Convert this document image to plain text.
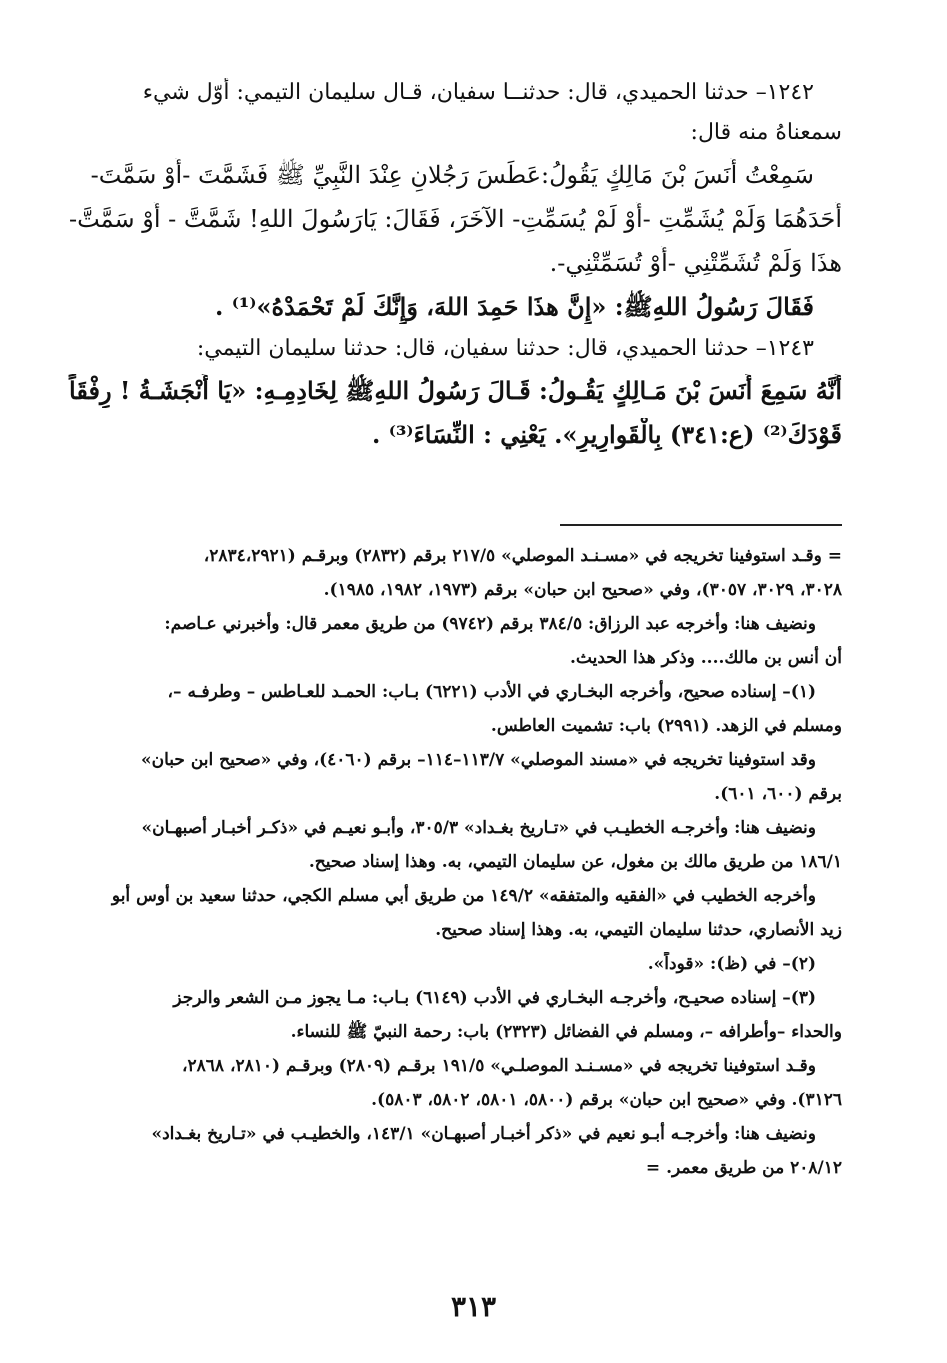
١٢٤٢– حدثنا الحميدي، قال: حدثنــا سفيان، قـال سليمان التيمي: أوّل شيء

سمعناهُ منه قال:

سَمِعْتُ أَنَسَ بْنَ مَالِكٍ يَقُولُ:عَطَسَ رَجُلانِ عِنْدَ النَّبِيِّ ﷺ فَشَمَّتَ -أَوْ سَمَّتَ-

أَحَدَهُمَا وَلَمْ يُشَمِّتِ -أَوْ لَمْ يُسَمِّتِ- الآخَرَ، فَقَالَ: يَارَسُولَ اللهِ! شَمَّتَّ - أَوْ سَمَّتَّ-

هذَا وَلَمْ تُشَمِّتْنِي -أَوْ تُسَمِّتْنِي-.

فَقَالَ رَسُولُ اللهِﷺ: «إِنَّ هذَا حَمِدَ اللهَ، وَإِنَّكَ لَمْ تَحْمَدْهُ»⁽¹⁾ .

١٢٤٣– حدثنا الحميدي، قال: حدثنا سفيان، قال: حدثنا سليمان التيمي:

أَنَّهُ سَمِعَ أَنَسَ بْنَ مَـالِكٍ يَقُـولُ: قَـالَ رَسُولُ اللهِﷺ لِخَادِمِـهِ: «يَا أَنْجَشَـةُ ! رِفْقَاً

قَوْدَكَ⁽²⁾ (ع:٣٤١) بِالْقَوارِيرِ». يَعْنِي : النِّسَاءَ⁽³⁾ .

= وقـد استوفينا تخريجه في «مسـنـد الموصلي» ٢١٧/٥ برقم (٢٨٣٢) وبرقـم (٢٨٣٤،٢٩٢١،

٣٠٢٨، ٣٠٢٩، ٣٠٥٧)، وفي «صحيح ابن حبان» برقم (١٩٧٣، ١٩٨٢، ١٩٨٥).

ونضيف هنا: وأخرجه عبد الرزاق: ٣٨٤/٥ برقم (٩٧٤٢) من طريق معمر قال: وأخبرني عـاصم:

أن أنس بن مالك.... وذكر هذا الحديث.

(١)– إسناده صحيح، وأخرجه البخـاري في الأدب (٦٢٢١) بـاب: الحمـد للعـاطس – وطرفـه –،

ومسلم في الزهد. (٢٩٩١) باب: تشميت العاطس.

وقد استوفينا تخريجه في «مسند الموصلي» ١١٣/٧–١١٤– برقم (٤٠٦٠)، وفي «صحيح ابن حبان»

برقم (٦٠٠، ٦٠١).

ونضيف هنا: وأخرجـه الخطيـب في «تـاريخ بغـداد» ٣٠٥/٣، وأبـو نعيـم في «ذكـر أخبـار أصبهـان»

١٨٦/١ من طريق مالك بن مغول، عن سليمان التيمي، به. وهذا إسناد صحيح.

وأخرجه الخطيب في «الفقيه والمتفقه» ١٤٩/٢ من طريق أبي مسلم الكجي، حدثنا سعيد بن أوس أبو

زيد الأنصاري، حدثنا سليمان التيمي، به. وهذا إسناد صحيح.

(٢)– في (ظ): «قوداً».

(٣)– إسناده صحيـح، وأخرجـه البخـاري في الأدب (٦١٤٩) بـاب: مـا يجوز مـن الشعر والرجز

والحداء –وأطرافه –، ومسلم في الفضائل (٢٣٢٣) باب: رحمة النبيّ ﷺ للنساء.

وقـد استوفينا تخريجه في «مسـنـد الموصلـي» ١٩١/٥ برقـم (٢٨٠٩) وبرقـم (٢٨١٠، ٢٨٦٨،

٣١٢٦). وفي «صحيح ابن حبان» برقم (٥٨٠٠، ٥٨٠١، ٥٨٠٢، ٥٨٠٣).

ونضيف هنا: وأخرجـه أبـو نعيم في «ذكر أخبـار أصبهـان» ١٤٣/١، والخطيـب في «تـاريخ بغـداد»

٢٠٨/١٢ من طريق معمر. =

٣١٣
